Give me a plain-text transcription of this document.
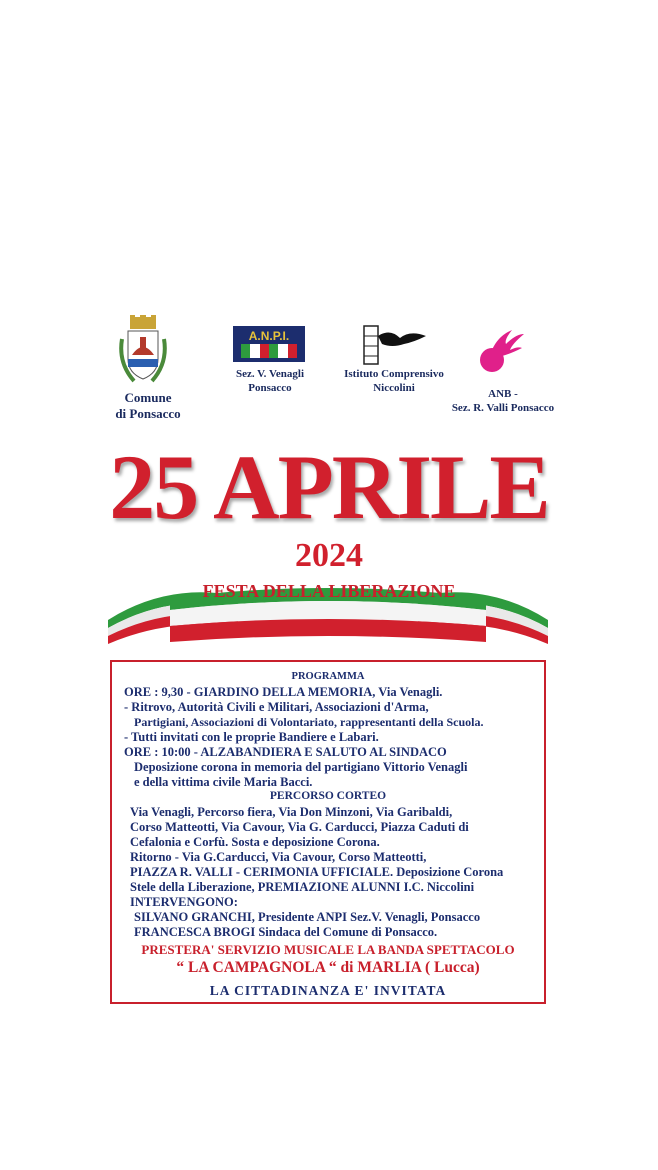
Comune
di Ponsacco
A.N.P.I.
Sez. V. Venagli
Ponsacco
Istituto Comprensivo
Niccolini
ANB -
Sez. R. Valli Ponsacco
25 APRILE
2024
FESTA DELLA LIBERAZIONE
PROGRAMMA
ORE : 9,30 - GIARDINO DELLA MEMORIA, Via Venagli.
- Ritrovo, Autorità Civili e Militari, Associazioni d'Arma,
Partigiani, Associazioni di Volontariato, rappresentanti della Scuola.
- Tutti invitati con le proprie Bandiere e Labari.
ORE : 10:00 - ALZABANDIERA E SALUTO AL SINDACO
Deposizione corona in memoria del partigiano Vittorio Venagli
e della vittima civile Maria Bacci.
PERCORSO CORTEO
Via Venagli, Percorso fiera, Via Don Minzoni, Via Garibaldi,
Corso Matteotti, Via Cavour, Via G. Carducci, Piazza Caduti di
Cefalonia e Corfù. Sosta e deposizione Corona.
Ritorno - Via G.Carducci, Via Cavour, Corso Matteotti,
PIAZZA R. VALLI - CERIMONIA UFFICIALE. Deposizione Corona
Stele della Liberazione, PREMIAZIONE ALUNNI I.C. Niccolini
INTERVENGONO:
SILVANO GRANCHI, Presidente ANPI Sez.V. Venagli, Ponsacco
FRANCESCA BROGI Sindaca del Comune di Ponsacco.
PRESTERA' SERVIZIO MUSICALE LA BANDA SPETTACOLO
“ LA CAMPAGNOLA “ di MARLIA ( Lucca)
LA CITTADINANZA E' INVITATA
